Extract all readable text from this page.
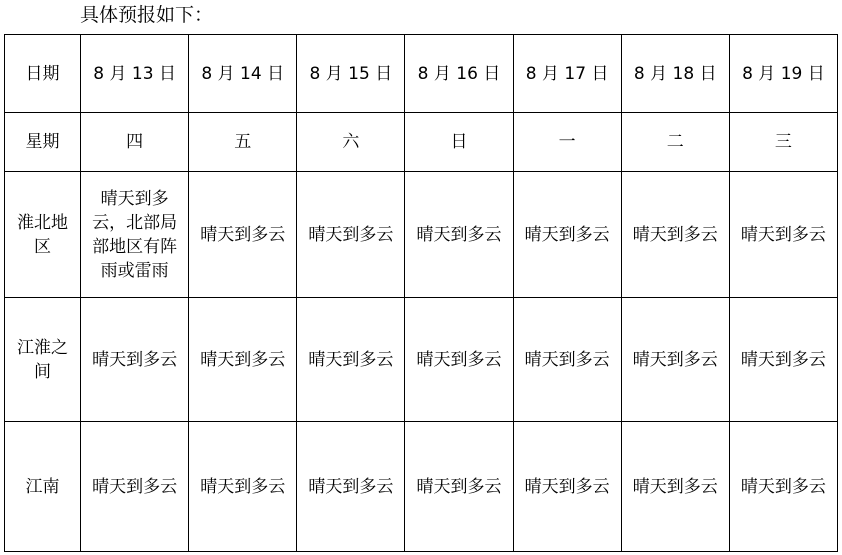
具体预报如下：

日期	8 月 13 日	8 月 14 日	8 月 15 日	8 月 16 日	8 月 17 日	8 月 18 日	8 月 19 日
星期	四	五	六	日	一	二	三
淮北地区	晴天到多云，北部局部地区有阵雨或雷雨	晴天到多云	晴天到多云	晴天到多云	晴天到多云	晴天到多云	晴天到多云
江淮之间	晴天到多云	晴天到多云	晴天到多云	晴天到多云	晴天到多云	晴天到多云	晴天到多云
江南	晴天到多云	晴天到多云	晴天到多云	晴天到多云	晴天到多云	晴天到多云	晴天到多云
